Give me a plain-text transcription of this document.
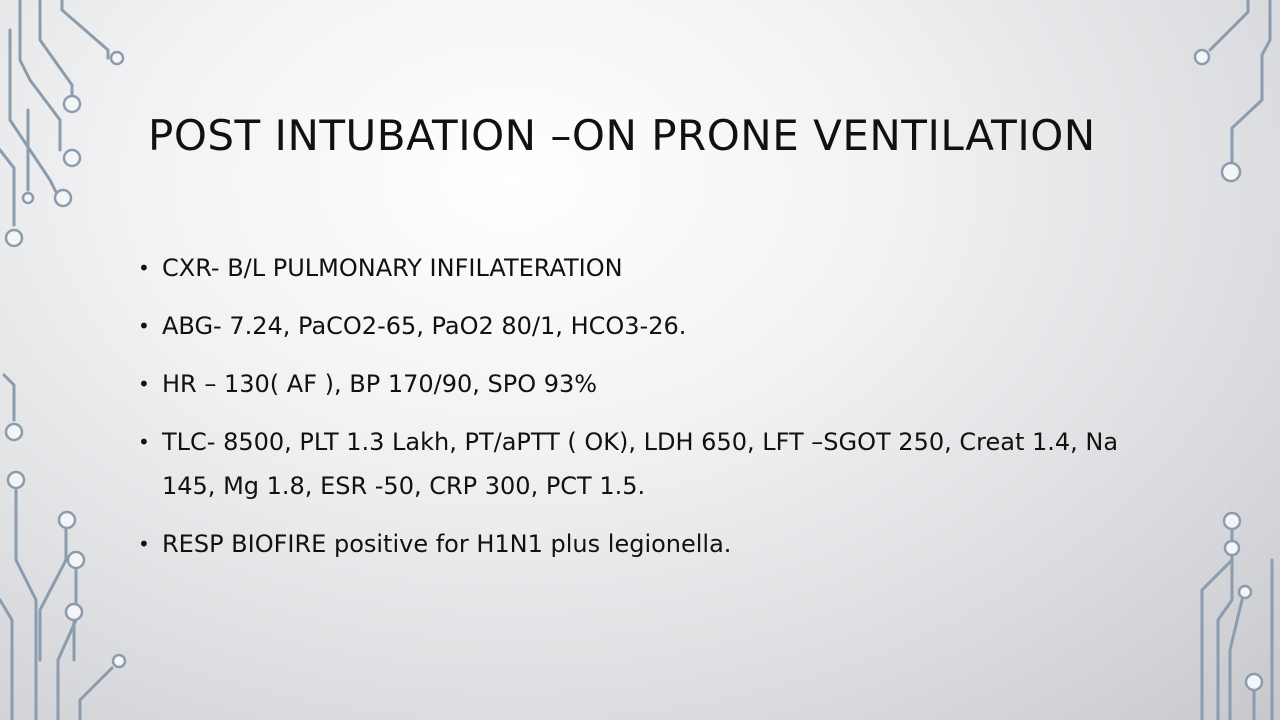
POST INTUBATION –ON PRONE VENTILATION
• CXR- B/L PULMONARY INFILATERATION
• ABG- 7.24, PaCO2-65, PaO2 80/1, HCO3-26.
• HR – 130( AF ), BP 170/90, SPO 93%
• TLC- 8500, PLT 1.3 Lakh, PT/aPTT ( OK), LDH 650, LFT –SGOT 250, Creat 1.4, Na 145, Mg 1.8, ESR -50, CRP 300, PCT 1.5.
• RESP BIOFIRE positive for H1N1 plus legionella.
